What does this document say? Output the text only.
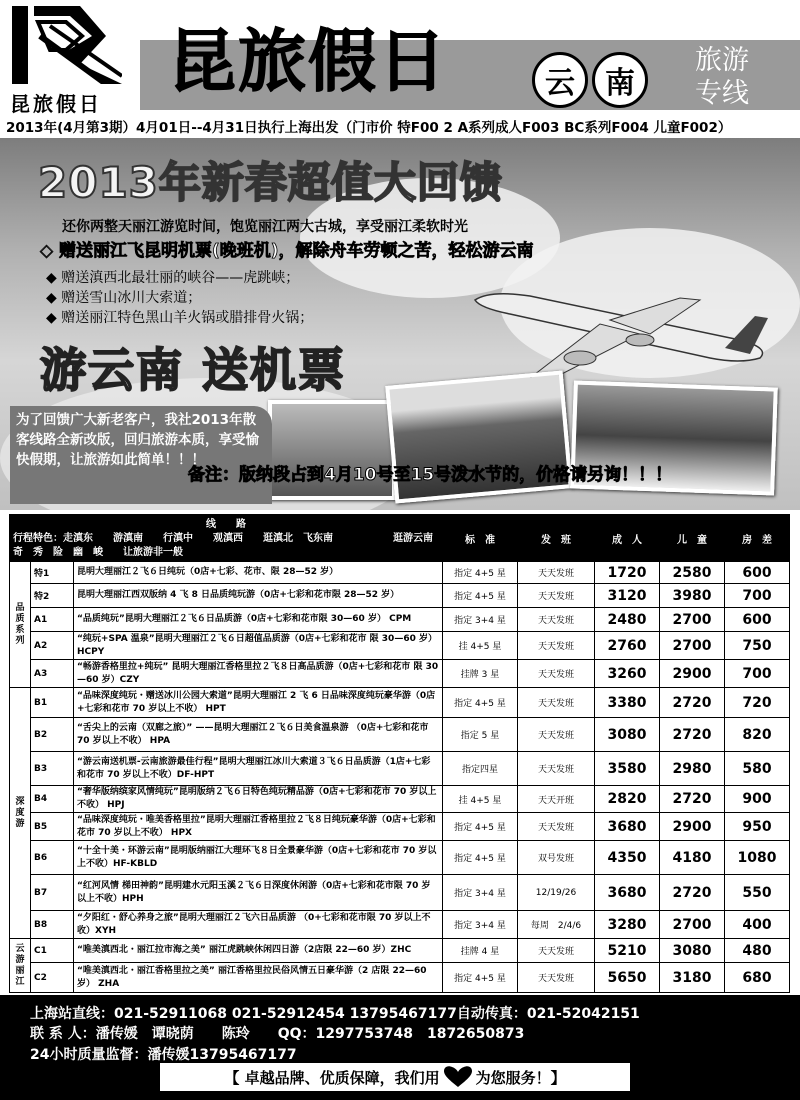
昆旅假日
昆旅假日	云	南
旅游
专线
2013年(4月第3期）4月01日--4月31日执行上海出发（门市价 特F00 2 A系列成人F003 BC系列F004 儿童F002）
2013年新春超值大回馈
还你两整天丽江游览时间，饱览丽江两大古城，享受丽江柔软时光
◇ 赠送丽江飞昆明机票(晚班机)，解除舟车劳顿之苦，轻松游云南
◆ 赠送滇西北最壮丽的峡谷——虎跳峡；
◆ 赠送雪山冰川大索道；
◆ 赠送丽江特色黑山羊火锅或腊排骨火锅；
游云南 送机票
为了回馈广大新老客户，我社2013年散客线路全新改版，回归旅游本质，享受愉快假期，让旅游如此简单！！！
备注：版纳段占到4月10号至15号泼水节的，价格请另询！！！
线　　路			标　准	发　班	成　人	儿　童	房　差
行程特色：走滇东　　游滇南　　行滇中　　观滇西　　逛滇北　飞东南　　　　　　逛游云南　　奇　秀　险　幽　峻　　让旅游非一般							
品质系列	特1	昆明大理丽江２飞６日纯玩（0店+七彩、花市、限 28—52 岁）	指定 4+5 星	天天发班	1720	2580	600
	特2	昆明大理丽江西双版纳 4 飞 8 日品质纯玩游（0店+七彩和花市限 28—52 岁）	指定 4+5 星	天天发班	3120	3980	700
	A1	“品质纯玩”昆明大理丽江２飞６日品质游（0店+七彩和花市限 30—60 岁） CPM	指定 3+4 星	天天发班	2480	2700	600
	A2	“纯玩+SPA 温泉”昆明大理丽江２飞６日超值品质游（0店+七彩和花市 限 30—60 岁） HCPY	挂 4+5 星	天天发班	2760	2700	750
	A3	“畅游香格里拉+纯玩” 昆明大理丽江香格里拉２飞８日高品质游（0店+七彩和花市 限 30—60 岁）CZY	挂牌 3 星	天天发班	3260	2900	700
深度游	B1	“品味深度纯玩・赠送冰川公园大索道”昆明大理丽江 2 飞 6 日品味深度纯玩豪华游（0店+七彩和花市 70 岁以上不收） HPT	指定 4+5 星	天天发班	3380	2720	720
	B2	“舌尖上的云南（双廊之旅）” ——昆明大理丽江２飞６日美食温泉游 （0店+七彩和花市 70 岁以上不收） HPA	指定 5 星	天天发班	3080	2720	820
	B3	“游云南送机票-云南旅游最佳行程”昆明大理丽江冰川大索道３飞６日品质游（1店+七彩和花市 70 岁以上不收）DF-HPT	指定四星	天天发班	3580	2980	580
	B4	“奢华版纳缤家风情纯玩”昆明版纳２飞６日特色纯玩精品游（0店+七彩和花市 70 岁以上不收） HPJ	挂 4+5 星	天天开班	2820	2720	900
	B5	“品味深度纯玩・唯美香格里拉”昆明大理丽江香格里拉２飞８日纯玩豪华游（0店+七彩和花市 70 岁以上不收） HPX	指定 4+5 星	天天发班	3680	2900	950
	B6	“十全十美・环游云南”昆明版纳丽江大理环飞８日全景豪华游（0店+七彩和花市 70 岁以上不收）HF-KBLD	指定 4+5 星	双号发班	4350	4180	1080
	B7	“红河风情 梯田神韵”昆明建水元阳玉溪２飞６日深度休闲游（0店+七彩和花市限 70 岁以上不收）HPH	指定 3+4 星	12/19/26	3680	2720	550
	B8	“夕阳红・舒心养身之旅”昆明大理丽江２飞六日品质游 （0+七彩和花市限 70 岁以上不收）XYH	指定 3+4 星	每周　2/4/6	3280	2700	400
云游丽江	C1	“唯美滇西北・丽江拉市海之美” 丽江虎跳峡休闲四日游（2店限 22—60 岁）ZHC	挂牌 4 星	天天发班	5210	3080	480
	C2	“唯美滇西北・丽江香格里拉之美” 丽江香格里拉民俗风情五日豪华游（2 店限 22—60 岁） ZHA	指定 4+5 星	天天发班	5650	3180	680
上海站直线：021-52911068 021-52912454 13795467177自动传真：021-52042151
联 系 人：潘传媛　谭晓荫　　陈玲　　QQ：1297753748　1872650873
24小时质量监督：潘传媛13795467177
【 卓越品牌、优质保障，我们用 为您服务！】
